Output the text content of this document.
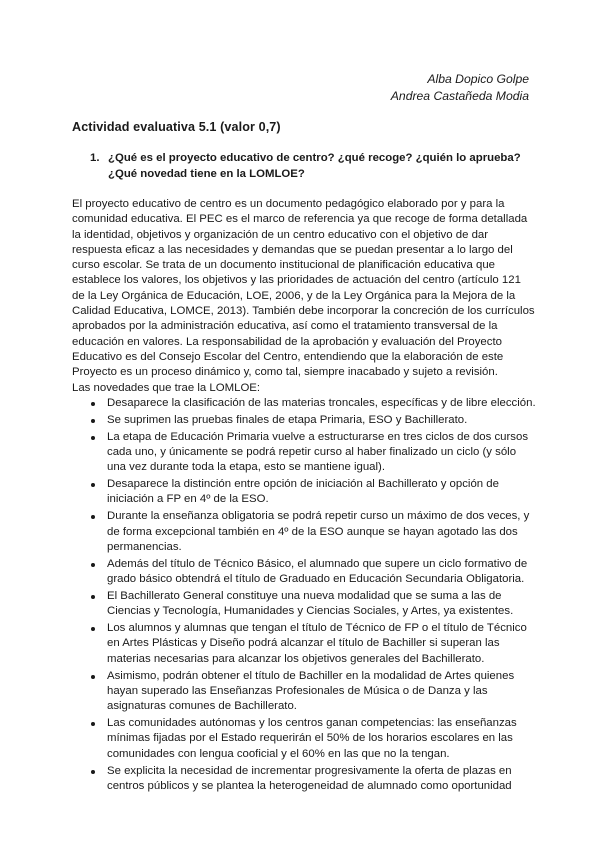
Alba Dopico Golpe
Andrea Castañeda Modia
Actividad evaluativa 5.1 (valor 0,7)
1. ¿Qué es el proyecto educativo de centro? ¿qué recoge? ¿quién lo aprueba? ¿Qué novedad tiene en la LOMLOE?

El proyecto educativo de centro es un documento pedagógico elaborado por y para la comunidad educativa. El PEC es el marco de referencia ya que recoge de forma detallada la identidad, objetivos y organización de un centro educativo con el objetivo de dar respuesta eficaz a las necesidades y demandas que se puedan presentar a lo largo del curso escolar. Se trata de un documento institucional de planificación educativa que establece los valores, los objetivos y las prioridades de actuación del centro (artículo 121 de la Ley Orgánica de Educación, LOE, 2006, y de la Ley Orgánica para la Mejora de la Calidad Educativa, LOMCE, 2013). También debe incorporar la concreción de los currículos aprobados por la administración educativa, así como el tratamiento transversal de la educación en valores. La responsabilidad de la aprobación y evaluación del Proyecto Educativo es del Consejo Escolar del Centro, entendiendo que la elaboración de este Proyecto es un proceso dinámico y, como tal, siempre inacabado y sujeto a revisión.

Las novedades que trae la LOMLOE:

Desaparece la clasificación de las materias troncales, específicas y de libre elección.
Se suprimen las pruebas finales de etapa Primaria, ESO y Bachillerato.
La etapa de Educación Primaria vuelve a estructurarse en tres ciclos de dos cursos cada uno, y únicamente se podrá repetir curso al haber finalizado un ciclo (y sólo una vez durante toda la etapa, esto se mantiene igual).
Desaparece la distinción entre opción de iniciación al Bachillerato y opción de iniciación a FP en 4º de la ESO.
Durante la enseñanza obligatoria se podrá repetir curso un máximo de dos veces, y de forma excepcional también en 4º de la ESO aunque se hayan agotado las dos permanencias.
Además del título de Técnico Básico, el alumnado que supere un ciclo formativo de grado básico obtendrá el título de Graduado en Educación Secundaria Obligatoria.
El Bachillerato General constituye una nueva modalidad que se suma a las de Ciencias y Tecnología, Humanidades y Ciencias Sociales, y Artes, ya existentes.
Los alumnos y alumnas que tengan el título de Técnico de FP o el título de Técnico en Artes Plásticas y Diseño podrá alcanzar el título de Bachiller si superan las materias necesarias para alcanzar los objetivos generales del Bachillerato.
Asimismo, podrán obtener el título de Bachiller en la modalidad de Artes quienes hayan superado las Enseñanzas Profesionales de Música o de Danza y las asignaturas comunes de Bachillerato.
Las comunidades autónomas y los centros ganan competencias: las enseñanzas mínimas fijadas por el Estado requerirán el 50% de los horarios escolares en las comunidades con lengua cooficial y el 60% en las que no la tengan.
Se explicita la necesidad de incrementar progresivamente la oferta de plazas en centros públicos y se plantea la heterogeneidad de alumnado como oportunidad
